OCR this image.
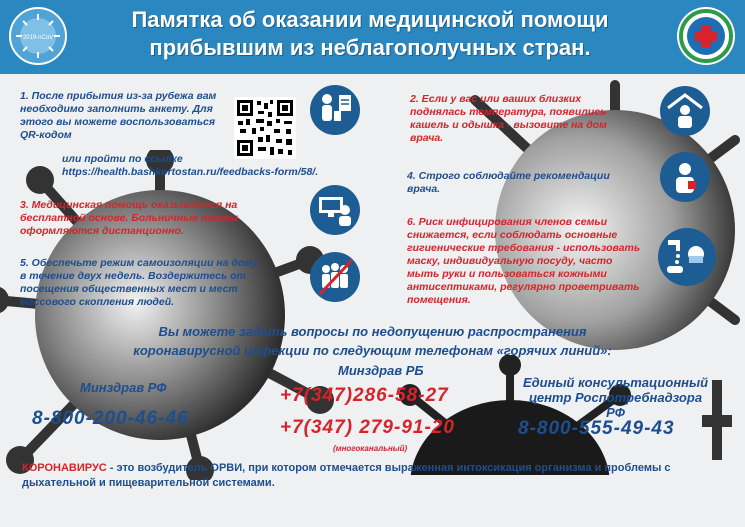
2019-nCoV
Памятка об оказании медицинской помощи
прибывшим из неблагополучных стран.
1. После прибытия из-за рубежа вам необходимо заполнить анкету. Для этого вы можете воспользоваться QR-кодом
или пройти по ссылке
https://health.bashkortostan.ru/feedbacks-form/58/.
3. Медицинская помощь оказывается на бесплатной основе. Больничные листы оформляются дистанционно.
5. Обеспечьте режим самоизоляции на дому в течение двух недель. Воздержитесь от посещения общественных мест и мест массового скопления людей.
2. Если у вас или ваших близких поднялась температура, появились кашель и одышка - вызовите на дом врача.
4. Строго соблюдайте рекомендации врача.
6. Риск инфицирования членов семьи снижается, если соблюдать основные гигиенические требования - использовать маску, индивидуальную посуду, часто мыть руки и пользоваться кожными антисептиками, регулярно проветривать помещения.
Вы можете задать вопросы по недопущению распространения
коронавирусной инфекции по следующим телефонам «горячих линий»:
Минздрав РФ
8-800-200-46-46
Минздрав РБ
+7(347)286-58-27
+7(347) 279-91-20
(многоканальный)
Единый консультационный
центр Роспотребнадзора РФ
8-800-555-49-43
КОРОНАВИРУС - это возбудитель ОРВИ, при котором отмечается выраженная интоксикация организма и проблемы с дыхательной и пищеварительной системами.
